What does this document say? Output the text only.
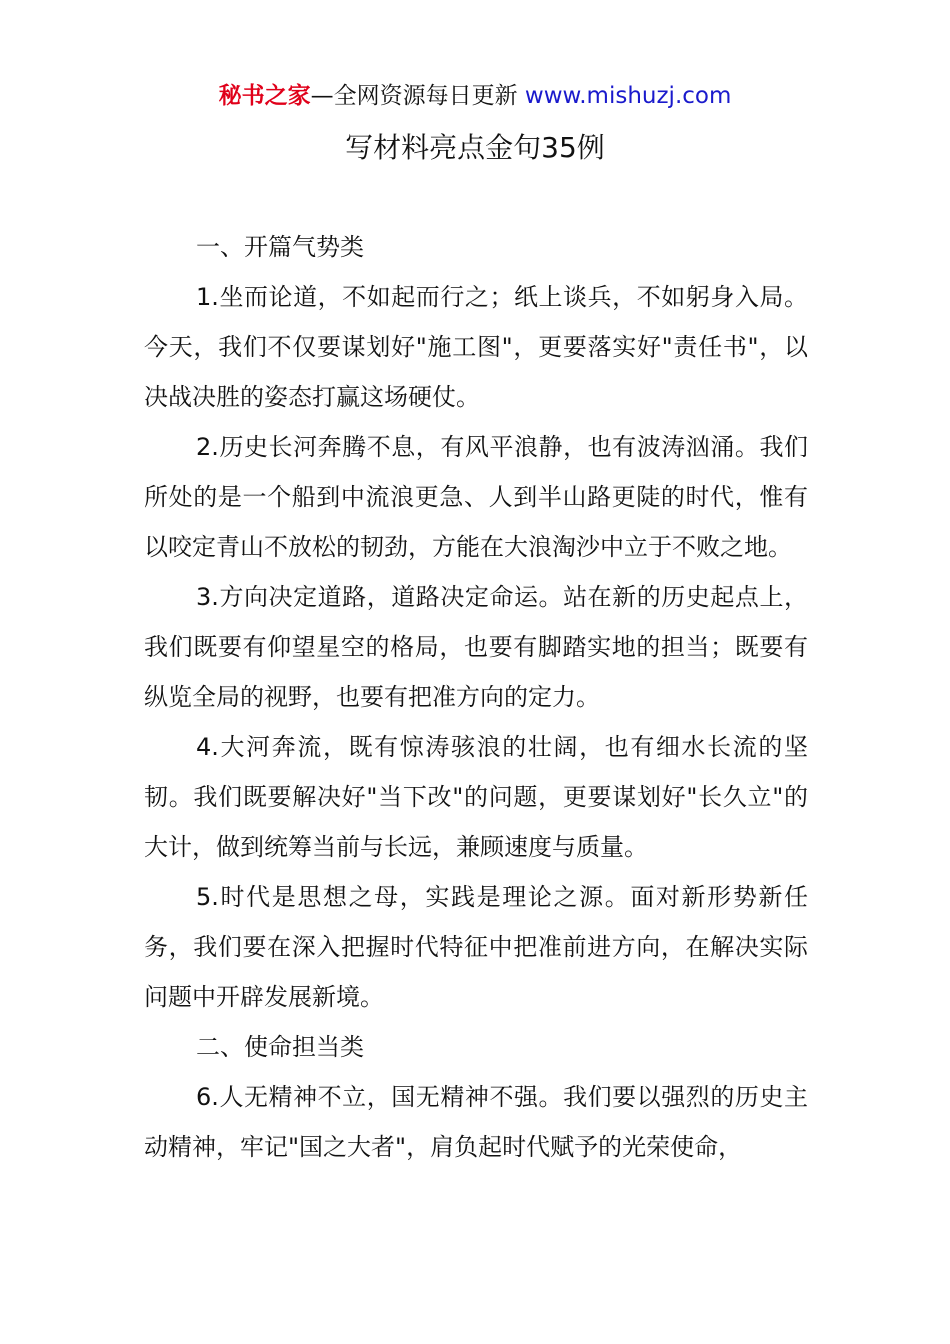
秘书之家—全网资源每日更新 www.mishuzj.com
写材料亮点金句35例

一、开篇气势类

1.坐而论道，不如起而行之；纸上谈兵，不如躬身入局。今天，我们不仅要谋划好"施工图"，更要落实好"责任书"，以决战决胜的姿态打赢这场硬仗。

2.历史长河奔腾不息，有风平浪静，也有波涛汹涌。我们所处的是一个船到中流浪更急、人到半山路更陡的时代，惟有以咬定青山不放松的韧劲，方能在大浪淘沙中立于不败之地。

3.方向决定道路，道路决定命运。站在新的历史起点上，我们既要有仰望星空的格局，也要有脚踏实地的担当；既要有纵览全局的视野，也要有把准方向的定力。

4.大河奔流，既有惊涛骇浪的壮阔，也有细水长流的坚韧。我们既要解决好"当下改"的问题，更要谋划好"长久立"的大计，做到统筹当前与长远，兼顾速度与质量。

5.时代是思想之母，实践是理论之源。面对新形势新任务，我们要在深入把握时代特征中把准前进方向，在解决实际问题中开辟发展新境。

二、使命担当类

6.人无精神不立，国无精神不强。我们要以强烈的历史主动精神，牢记"国之大者"，肩负起时代赋予的光荣使命，
